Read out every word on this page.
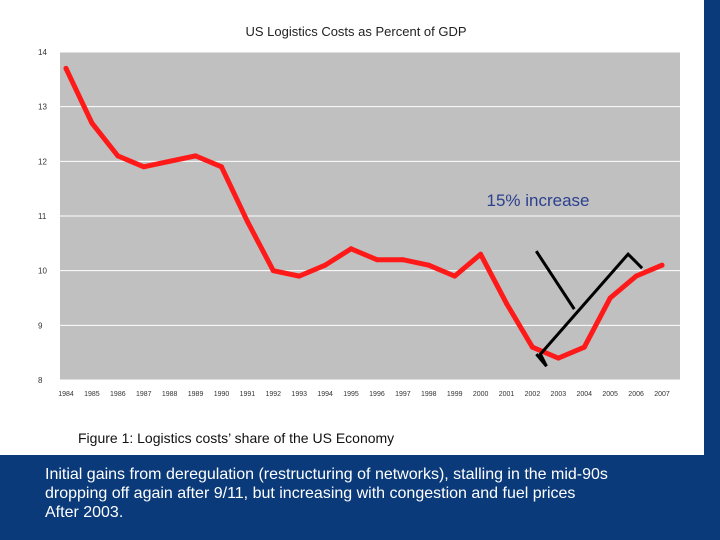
US Logistics Costs as Percent of GDP
8
9
10
11
12
13
14
1984 1985 1986 1987 1988 1989 1990 1991 1992 1993 1994 1995 1996 1997 1998 1999 2000 2001 2002 2003 2004 2005 2006 2007
15% increase
Figure 1: Logistics costs’ share of the US Economy
Initial gains from deregulation (restructuring of networks), stalling in the mid-90s
dropping off again after 9/11, but increasing with congestion and fuel prices
After 2003.
